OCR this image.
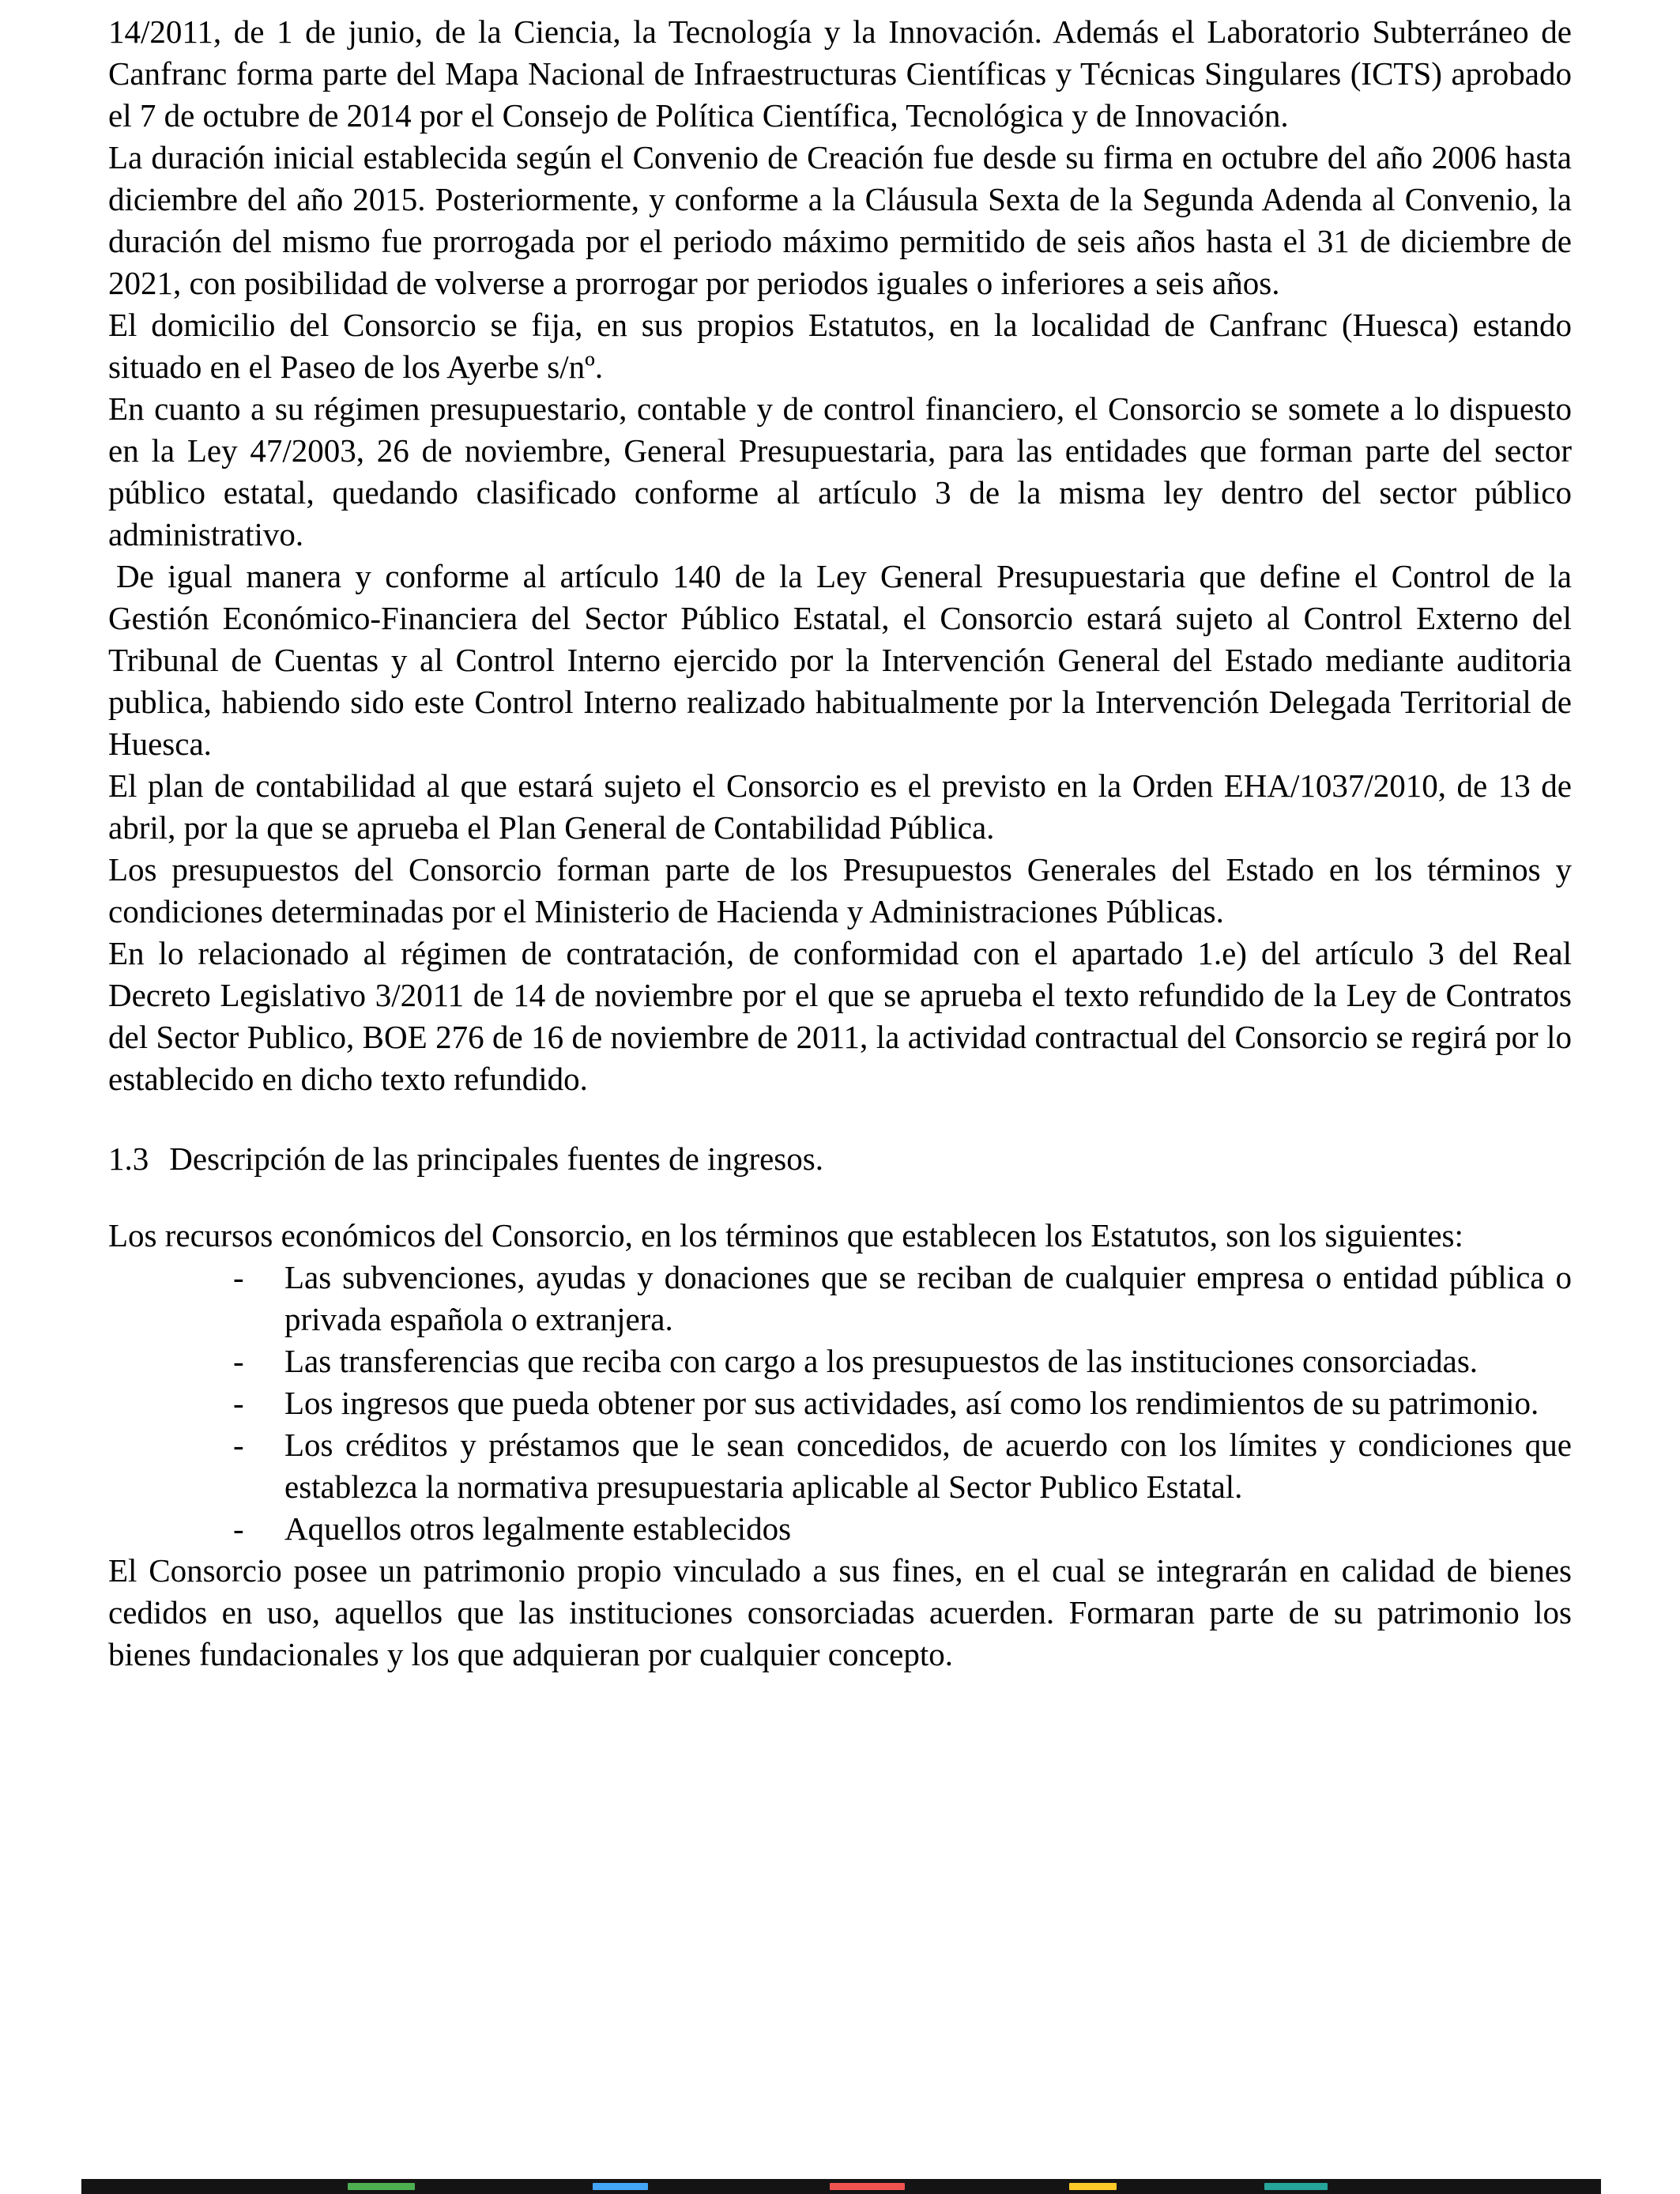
14/2011, de 1 de junio, de la Ciencia, la Tecnología y la Innovación. Además el Laboratorio Subterráneo de Canfranc forma parte del Mapa Nacional de Infraestructuras Científicas y Técnicas Singulares (ICTS) aprobado el 7 de octubre de 2014 por el Consejo de Política Científica, Tecnológica y de Innovación.

La duración inicial establecida según el Convenio de Creación fue desde su firma en octubre del año 2006 hasta diciembre del año 2015. Posteriormente, y conforme a la Cláusula Sexta de la Segunda Adenda al Convenio, la duración del mismo fue prorrogada por el periodo máximo permitido de seis años hasta el 31 de diciembre de 2021, con posibilidad de volverse a prorrogar por periodos iguales o inferiores a seis años.

El domicilio del Consorcio se fija, en sus propios Estatutos, en la localidad de Canfranc (Huesca) estando situado en el Paseo de los Ayerbe s/nº.

En cuanto a su régimen presupuestario, contable y de control financiero, el Consorcio se somete a lo dispuesto en la Ley 47/2003, 26 de noviembre, General Presupuestaria, para las entidades que forman parte del sector público estatal, quedando clasificado conforme al artículo 3 de la misma ley dentro del sector público administrativo.

De igual manera y conforme al artículo 140 de la Ley General Presupuestaria que define el Control de la Gestión Económico-Financiera del Sector Público Estatal, el Consorcio estará sujeto al Control Externo del Tribunal de Cuentas y al Control Interno ejercido por la Intervención General del Estado mediante auditoria publica, habiendo sido este Control Interno realizado habitualmente por la Intervención Delegada Territorial de Huesca.

El plan de contabilidad al que estará sujeto el Consorcio es el previsto en la Orden EHA/1037/2010, de 13 de abril, por la que se aprueba el Plan General de Contabilidad Pública.

Los presupuestos del Consorcio forman parte de los Presupuestos Generales del Estado en los términos y condiciones determinadas por el Ministerio de Hacienda y Administraciones Públicas.

En lo relacionado al régimen de contratación, de conformidad con el apartado 1.e) del artículo 3 del Real Decreto Legislativo 3/2011 de 14 de noviembre por el que se aprueba el texto refundido de la Ley de Contratos del Sector Publico, BOE 276 de 16 de noviembre de 2011, la actividad contractual del Consorcio se regirá por lo establecido en dicho texto refundido.

1.3 Descripción de las principales fuentes de ingresos.

Los recursos económicos del Consorcio, en los términos que establecen los Estatutos, son los siguientes:

-	Las subvenciones, ayudas y donaciones que se reciban de cualquier empresa o entidad pública o privada española o extranjera.
-	Las transferencias que reciba con cargo a los presupuestos de las instituciones consorciadas.
-	Los ingresos que pueda obtener por sus actividades, así como los rendimientos de su patrimonio.
-	Los créditos y préstamos que le sean concedidos, de acuerdo con los límites y condiciones que establezca la normativa presupuestaria aplicable al Sector Publico Estatal.
-	Aquellos otros legalmente establecidos

El Consorcio posee un patrimonio propio vinculado a sus fines, en el cual se integrarán en calidad de bienes cedidos en uso, aquellos que las instituciones consorciadas acuerden. Formaran parte de su patrimonio los bienes fundacionales y los que adquieran por cualquier concepto.
